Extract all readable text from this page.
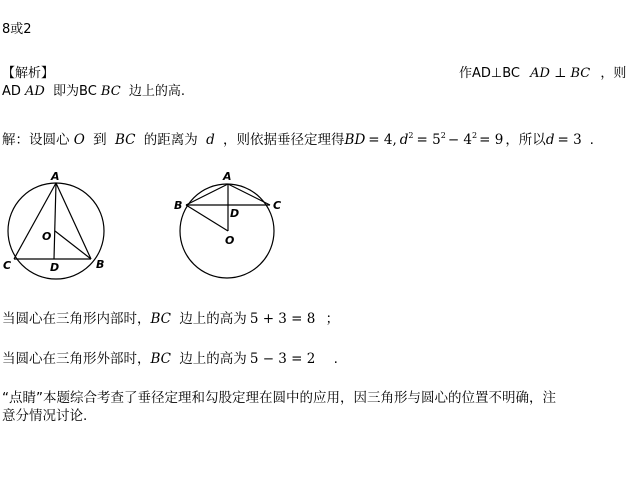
8或2
【解析】	作AD⊥BC AD ⊥ BC ，则
AD AD 即为BC BC 边上的高.
解：设圆心 O 到 BC 的距离为 d ，则依据垂径定理得BD = 4, $d^2 = 5^2 - 4^2 = 9$ ，所以d = 3 .
A
O
C	D	B
A
B
D
C
O
当圆心在三角形内部时，BC 边上的高为 5 + 3 = 8 ；
当圆心在三角形外部时，BC 边上的高为 5 − 3 = 2 .
“点睛”本题综合考查了垂径定理和勾股定理在圆中的应用，因三角形与圆心的位置不明确，注
意分情况讨论.
